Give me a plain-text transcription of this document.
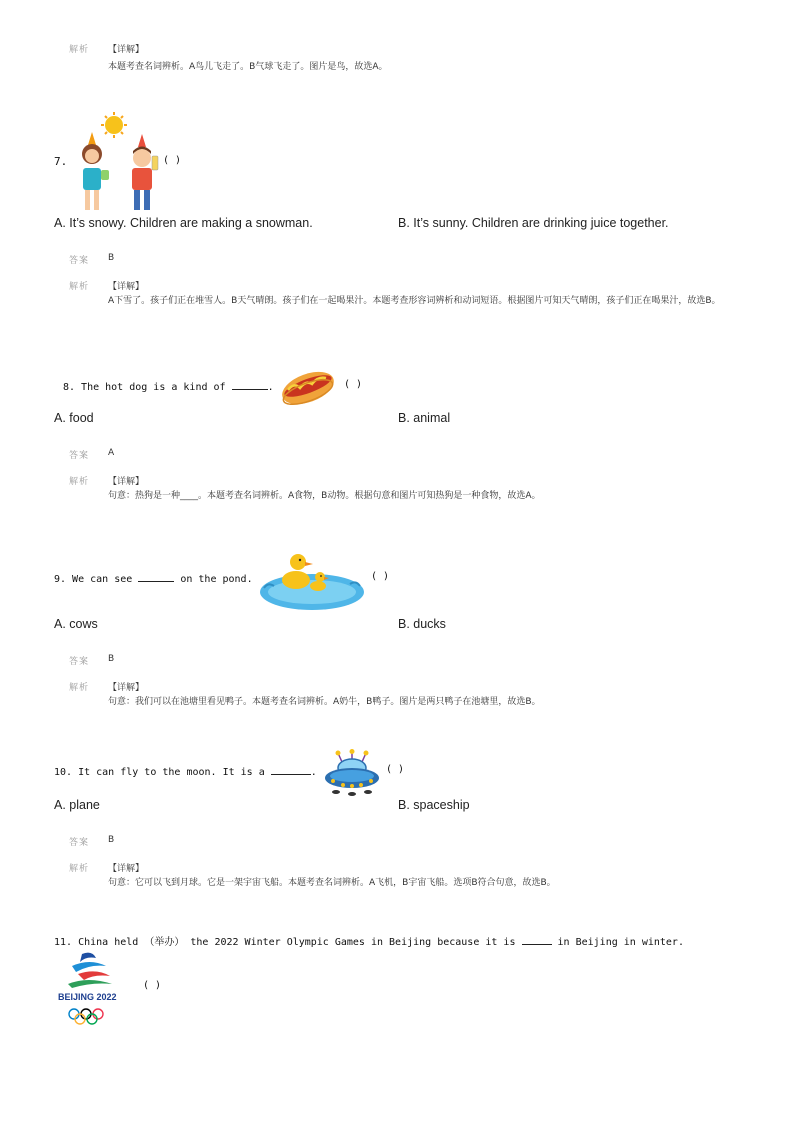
解析 【详解】
本题考查名词辨析。A鸟儿飞走了。B气球飞走了。图片是鸟，故选A。
7.	( )
A. It’s snowy. Children are making a snowman.	B. It’s sunny. Children are drinking juice together.
答案 B
解析 【详解】
A下雪了。孩子们正在堆雪人。B天气晴朗。孩子们在一起喝果汁。本题考查形容词辨析和动词短语。根据图片可知天气晴朗，孩子们正在喝果汁，故选B。
8. The hot dog is a kind of	.	( )
A. food	B. animal
答案 A
解析 【详解】
句意：热狗是一种____。本题考查名词辨析。A食物，B动物。根据句意和图片可知热狗是一种食物，故选A。
9. We can see	on the pond.	( )
A. cows	B. ducks
答案 B
解析 【详解】
句意：我们可以在池塘里看见鸭子。本题考查名词辨析。A奶牛，B鸭子。图片是两只鸭子在池塘里，故选B。
10. It can fly to the moon. It is a	.	( )
A. plane	B. spaceship
答案 B
解析 【详解】
句意：它可以飞到月球。它是一架宇宙飞船。本题考查名词辨析。A飞机，B宇宙飞船。选项B符合句意，故选B。
11. China held （举办） the 2022 Winter Olympic Games in Beijing because it is	in Beijing in winter.
BEIJING 2022
( )
